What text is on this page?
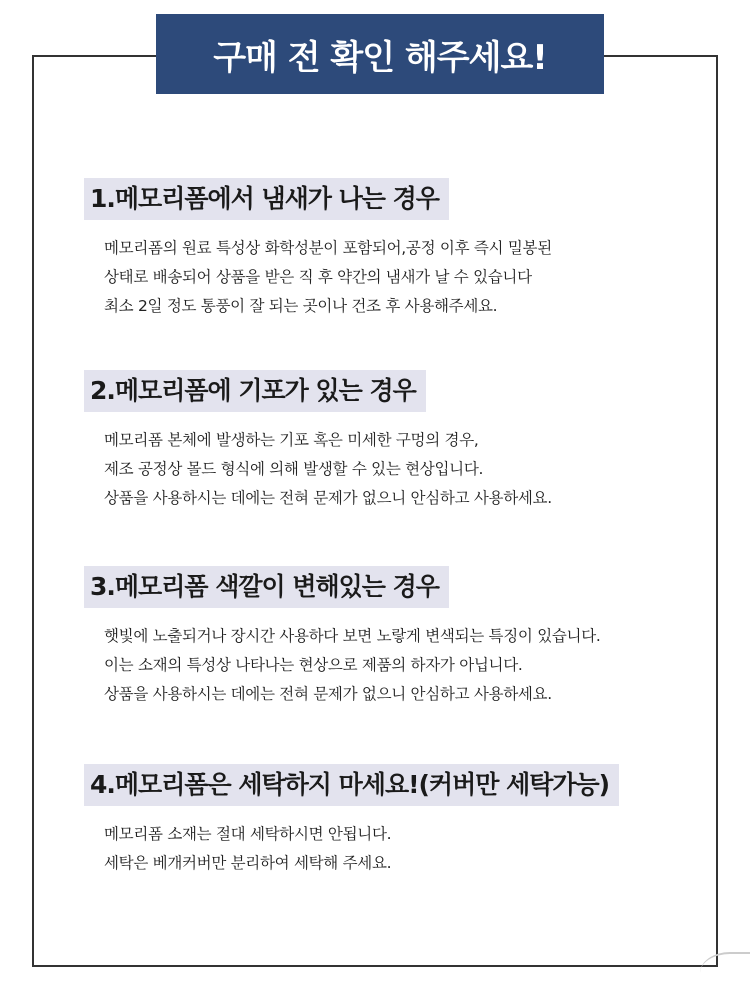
구매 전 확인 해주세요!
1.메모리폼에서 냄새가 나는 경우
메모리폼의 원료 특성상 화학성분이 포함되어,공정 이후 즉시 밀봉된
상태로 배송되어 상품을 받은 직 후 약간의 냄새가 날 수 있습니다
최소 2일 정도 통풍이 잘 되는 곳이나 건조 후 사용해주세요.
2.메모리폼에 기포가 있는 경우
메모리폼 본체에 발생하는 기포 혹은 미세한 구멍의 경우,
제조 공정상 몰드 형식에 의해 발생할 수 있는 현상입니다.
상품을 사용하시는 데에는 전혀 문제가 없으니 안심하고 사용하세요.
3.메모리폼 색깔이 변해있는 경우
햇빛에 노출되거나 장시간 사용하다 보면 노랗게 변색되는 특징이 있습니다.
이는 소재의 특성상 나타나는 현상으로 제품의 하자가 아닙니다.
상품을 사용하시는 데에는 전혀 문제가 없으니 안심하고 사용하세요.
4.메모리폼은 세탁하지 마세요!(커버만 세탁가능)
메모리폼 소재는 절대 세탁하시면 안됩니다.
세탁은 베개커버만 분리하여 세탁해 주세요.
